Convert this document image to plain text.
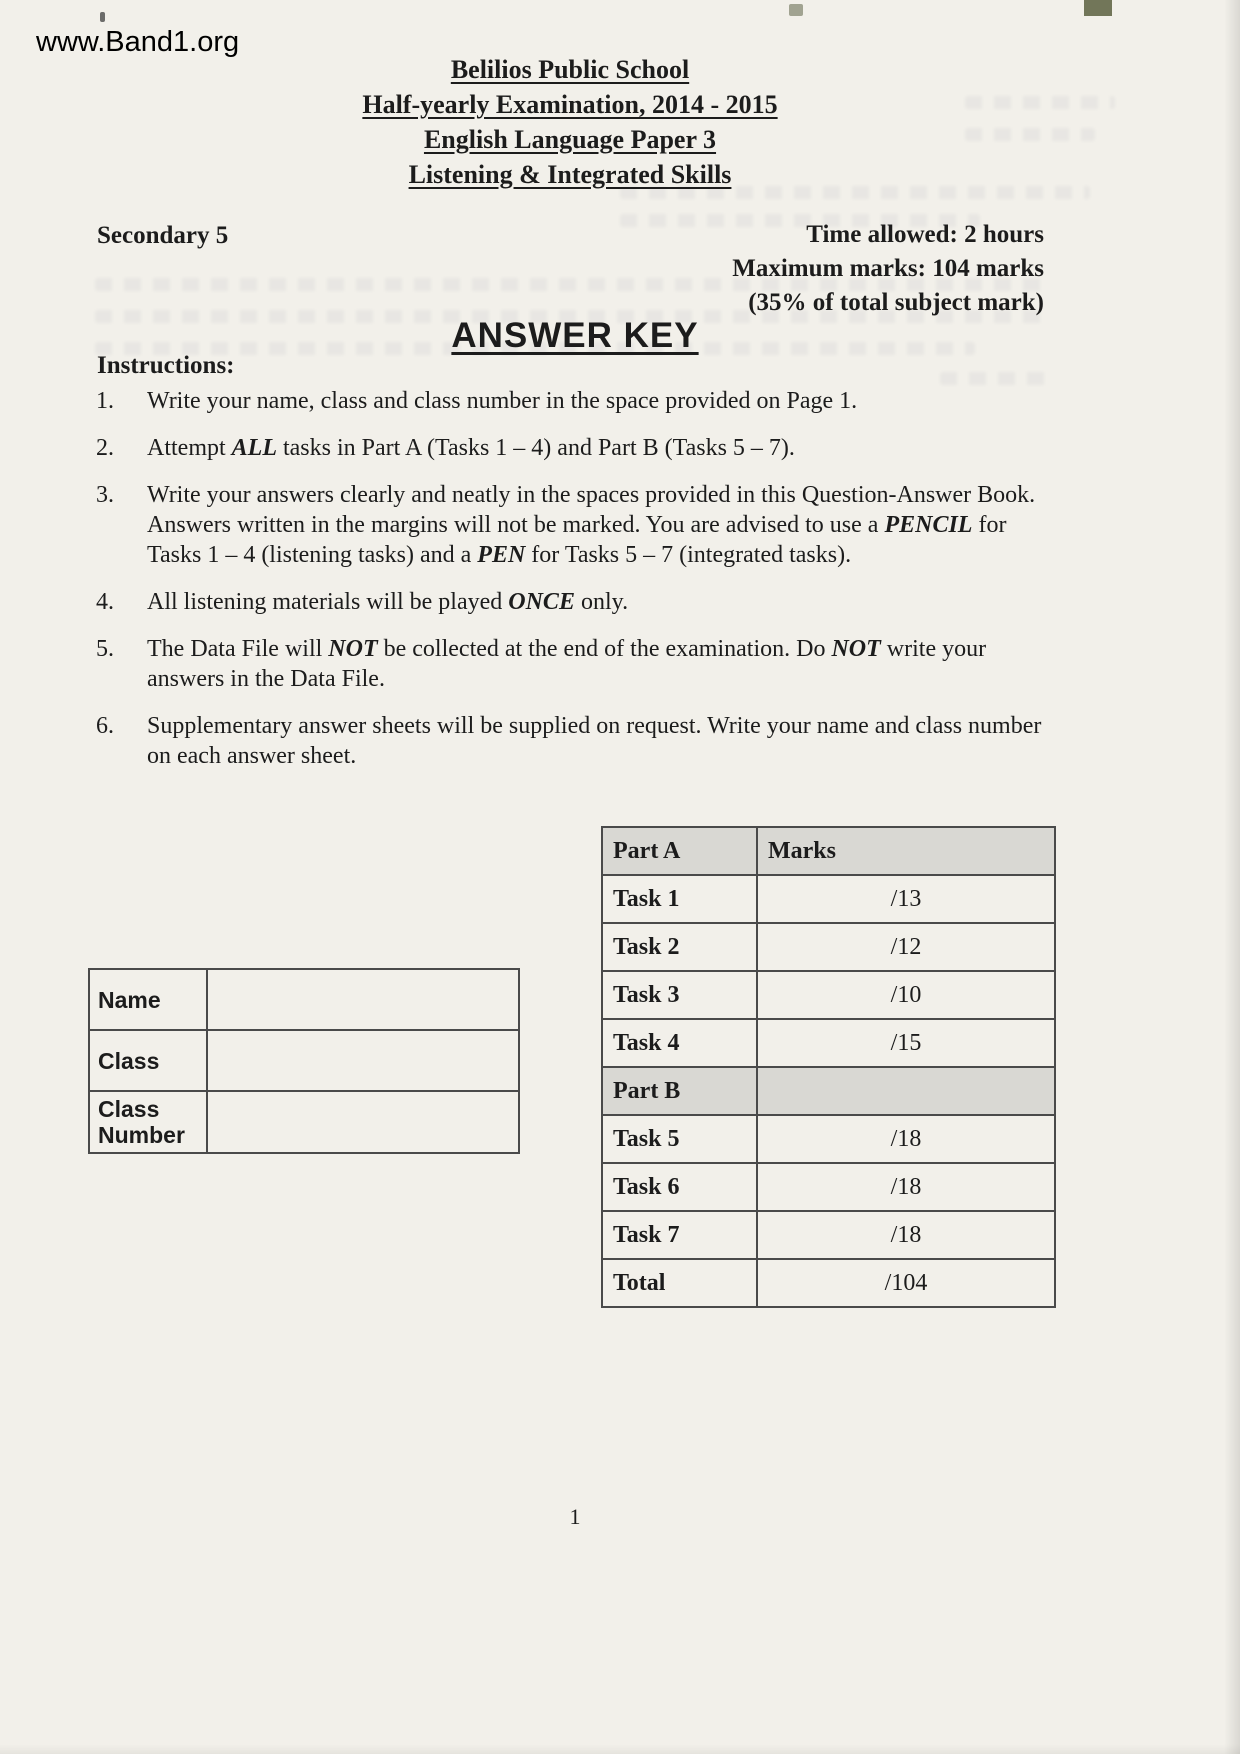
www.Band1.org
Belilios Public School
Half-yearly Examination, 2014 - 2015
English Language Paper 3
Listening & Integrated Skills
Secondary 5	Time allowed: 2 hours
Maximum marks: 104 marks
(35% of total subject mark)
ANSWER KEY
Instructions:
1. Write your name, class and class number in the space provided on Page 1.
2. Attempt ALL tasks in Part A (Tasks 1 – 4) and Part B (Tasks 5 – 7).
3. Write your answers clearly and neatly in the spaces provided in this Question-Answer Book. Answers written in the margins will not be marked. You are advised to use a PENCIL for Tasks 1 – 4 (listening tasks) and a PEN for Tasks 5 – 7 (integrated tasks).
4. All listening materials will be played ONCE only.
5. The Data File will NOT be collected at the end of the examination. Do NOT write your answers in the Data File.
6. Supplementary answer sheets will be supplied on request. Write your name and class number on each answer sheet.
Name	
Class	
Class Number	
Part A	Marks
Task 1	/13
Task 2	/12
Task 3	/10
Task 4	/15
Part B	
Task 5	/18
Task 6	/18
Task 7	/18
Total	/104
1
